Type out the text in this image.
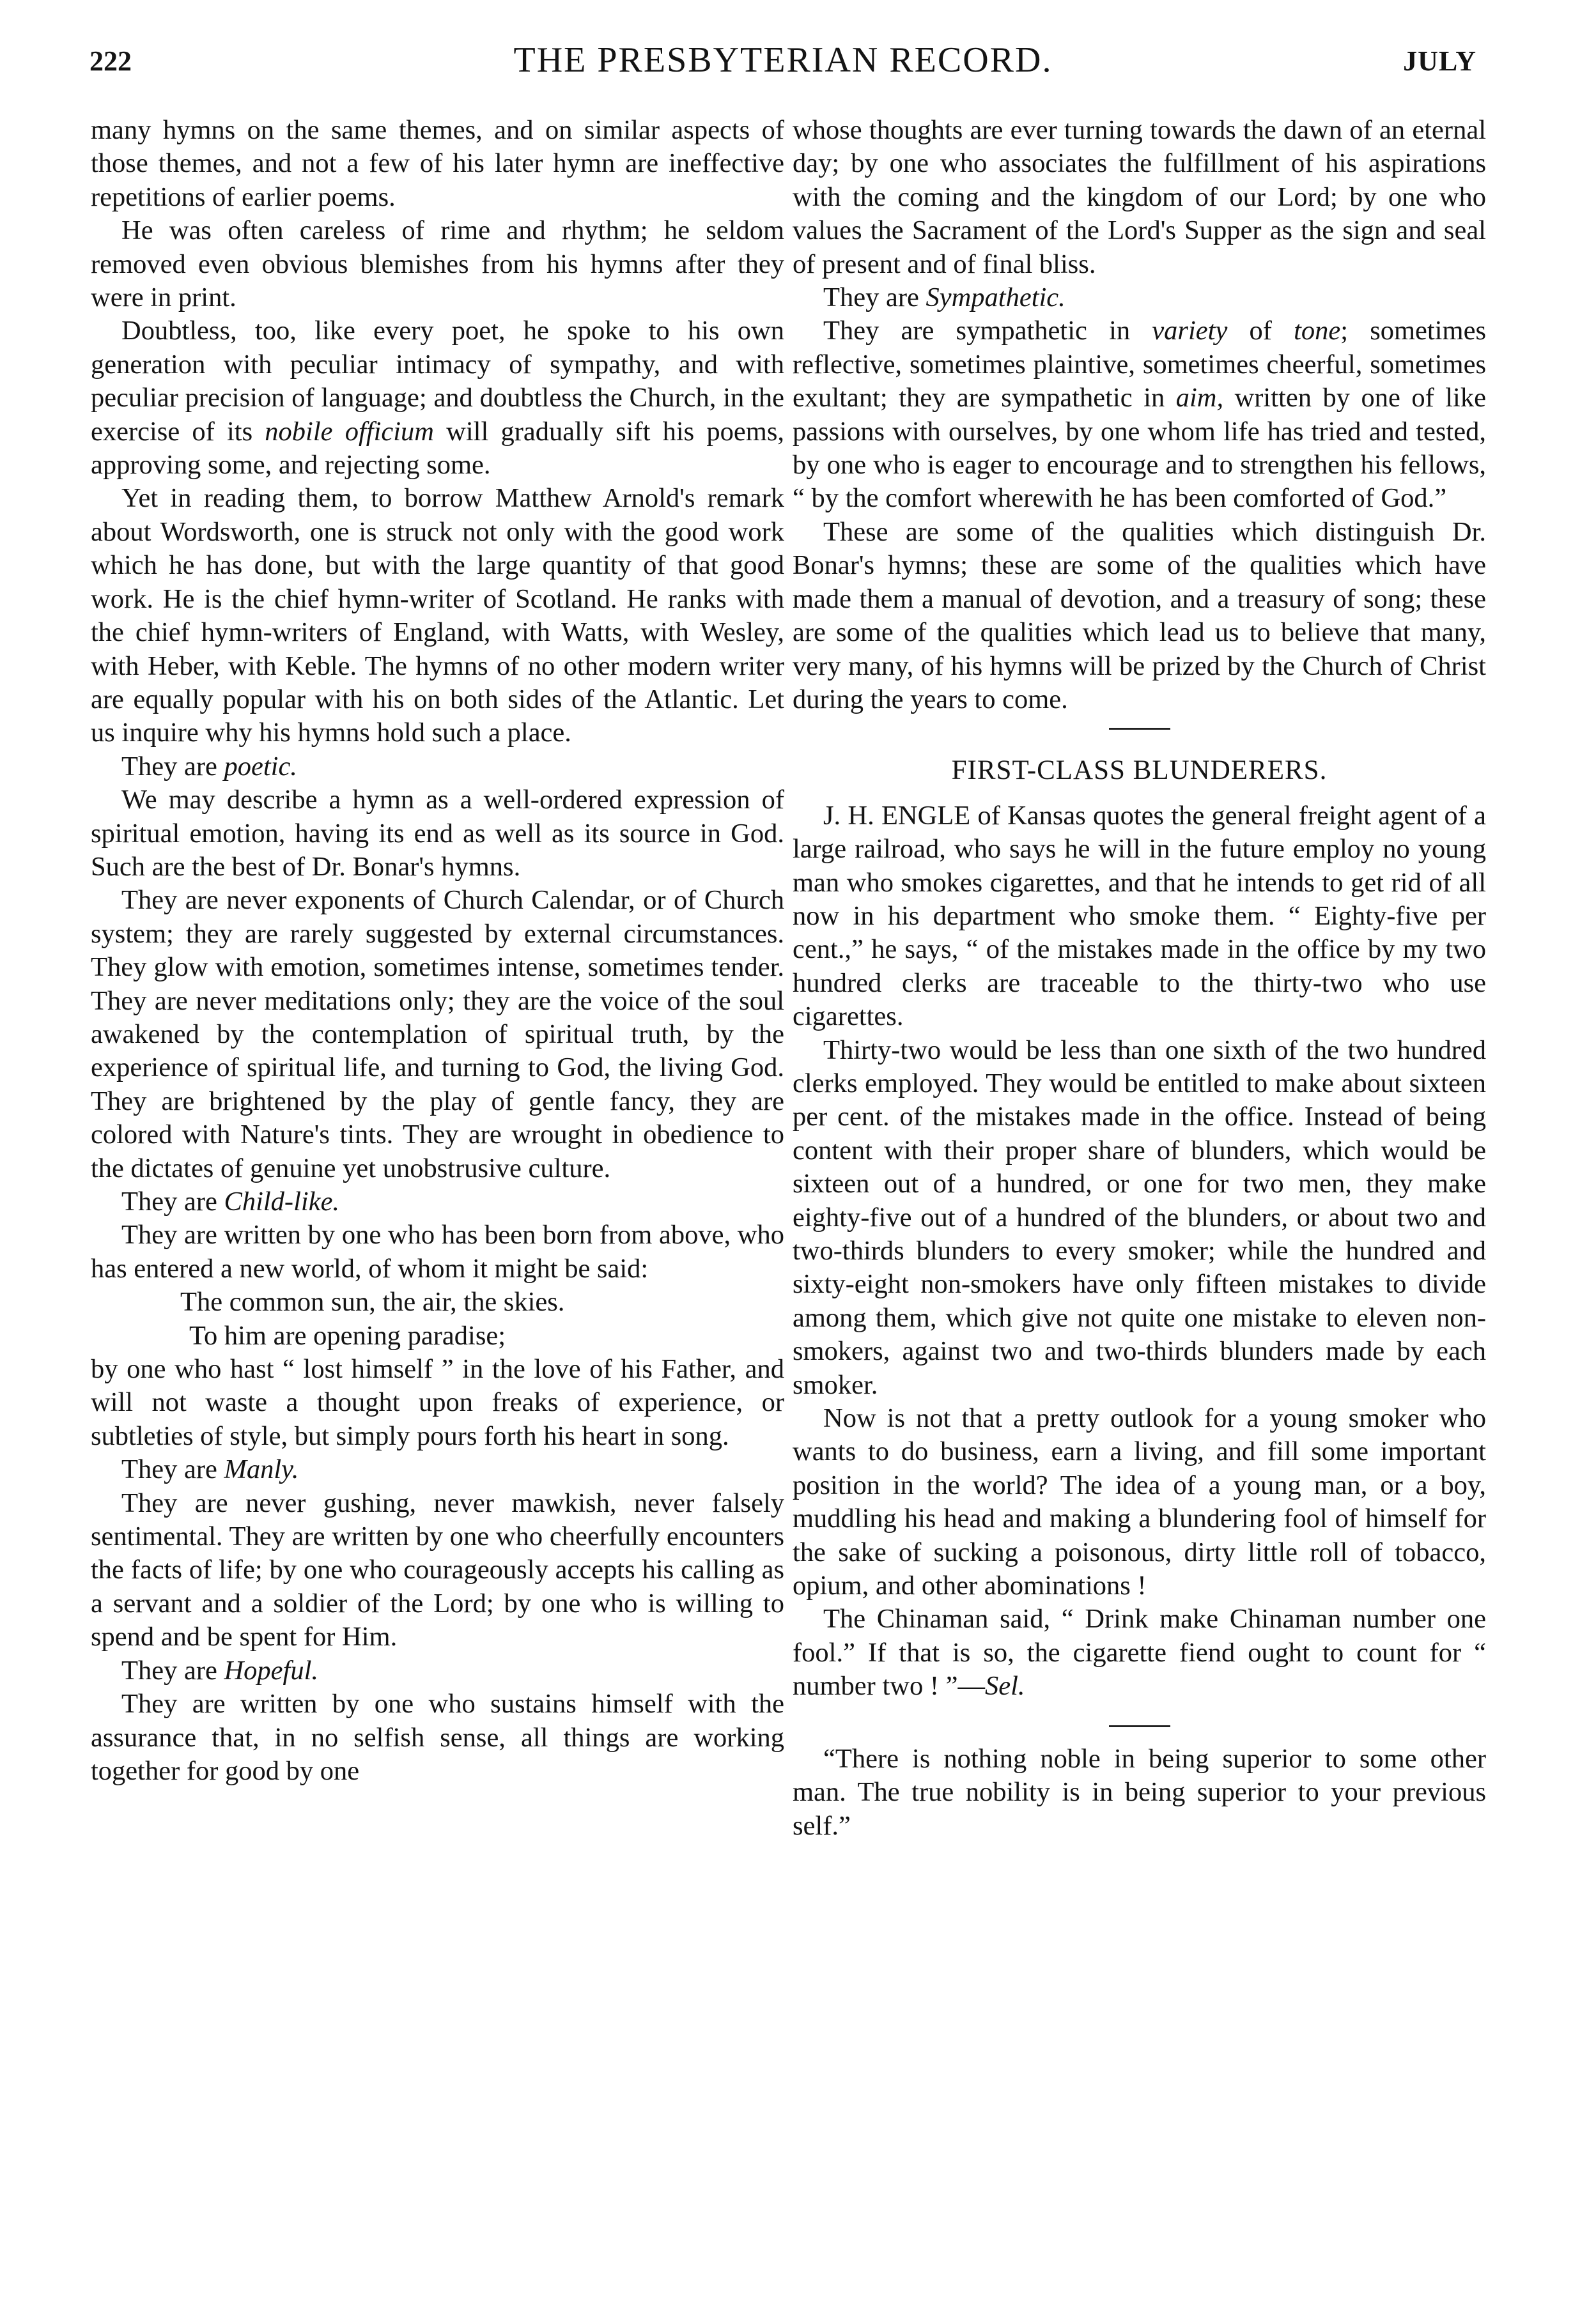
222	THE PRESBYTERIAN RECORD.	JULY

many hymns on the same themes, and on similar aspects of those themes, and not a few of his later hymn are ineffective repetitions of earlier poems.

He was often careless of rime and rhythm; he seldom removed even obvious blemishes from his hymns after they were in print.

Doubtless, too, like every poet, he spoke to his own generation with peculiar intimacy of sympathy, and with peculiar precision of language; and doubtless the Church, in the exercise of its nobile officium will gradually sift his poems, approving some, and rejecting some.

Yet in reading them, to borrow Matthew Arnold's remark about Wordsworth, one is struck not only with the good work which he has done, but with the large quantity of that good work. He is the chief hymn-writer of Scotland. He ranks with the chief hymn-writers of England, with Watts, with Wesley, with Heber, with Keble. The hymns of no other modern writer are equally popular with his on both sides of the Atlantic. Let us inquire why his hymns hold such a place.

They are poetic.

We may describe a hymn as a well-ordered expression of spiritual emotion, having its end as well as its source in God. Such are the best of Dr. Bonar's hymns.

They are never exponents of Church Calendar, or of Church system; they are rarely suggested by external circumstances. They glow with emotion, sometimes intense, sometimes tender. They are never meditations only; they are the voice of the soul awakened by the contemplation of spiritual truth, by the experience of spiritual life, and turning to God, the living God. They are brightened by the play of gentle fancy, they are colored with Nature's tints. They are wrought in obedience to the dictates of genuine yet unobstrusive culture.

They are Child-like.

They are written by one who has been born from above, who has entered a new world, of whom it might be said:

The common sun, the air, the skies.
To him are opening paradise;

by one who hast “ lost himself ” in the love of his Father, and will not waste a thought upon freaks of experience, or subtleties of style, but simply pours forth his heart in song.

They are Manly.

They are never gushing, never mawkish, never falsely sentimental. They are written by one who cheerfully encounters the facts of life; by one who courageously accepts his calling as a servant and a soldier of the Lord; by one who is willing to spend and be spent for Him.

They are Hopeful.

They are written by one who sustains himself with the assurance that, in no selfish sense, all things are working together for good by one

whose thoughts are ever turning towards the dawn of an eternal day; by one who associates the fulfillment of his aspirations with the coming and the kingdom of our Lord; by one who values the Sacrament of the Lord's Supper as the sign and seal of present and of final bliss.

They are Sympathetic.

They are sympathetic in variety of tone; sometimes reflective, sometimes plaintive, sometimes cheerful, sometimes exultant; they are sympathetic in aim, written by one of like passions with ourselves, by one whom life has tried and tested, by one who is eager to encourage and to strengthen his fellows, “ by the comfort wherewith he has been comforted of God.”

These are some of the qualities which distinguish Dr. Bonar's hymns; these are some of the qualities which have made them a manual of devotion, and a treasury of song; these are some of the qualities which lead us to believe that many, very many, of his hymns will be prized by the Church of Christ during the years to come.

FIRST-CLASS BLUNDERERS.

J. H. ENGLE of Kansas quotes the general freight agent of a large railroad, who says he will in the future employ no young man who smokes cigarettes, and that he intends to get rid of all now in his department who smoke them. “ Eighty-five per cent.,” he says, “ of the mistakes made in the office by my two hundred clerks are traceable to the thirty-two who use cigarettes.

Thirty-two would be less than one sixth of the two hundred clerks employed. They would be entitled to make about sixteen per cent. of the mistakes made in the office. Instead of being content with their proper share of blunders, which would be sixteen out of a hundred, or one for two men, they make eighty-five out of a hundred of the blunders, or about two and two-thirds blunders to every smoker; while the hundred and sixty-eight non-smokers have only fifteen mistakes to divide among them, which give not quite one mistake to eleven non-smokers, against two and two-thirds blunders made by each smoker.

Now is not that a pretty outlook for a young smoker who wants to do business, earn a living, and fill some important position in the world? The idea of a young man, or a boy, muddling his head and making a blundering fool of himself for the sake of sucking a poisonous, dirty little roll of tobacco, opium, and other abominations !

The Chinaman said, “ Drink make Chinaman number one fool.” If that is so, the cigarette fiend ought to count for “ number two ! ”—Sel.

“There is nothing noble in being superior to some other man. The true nobility is in being superior to your previous self.”
